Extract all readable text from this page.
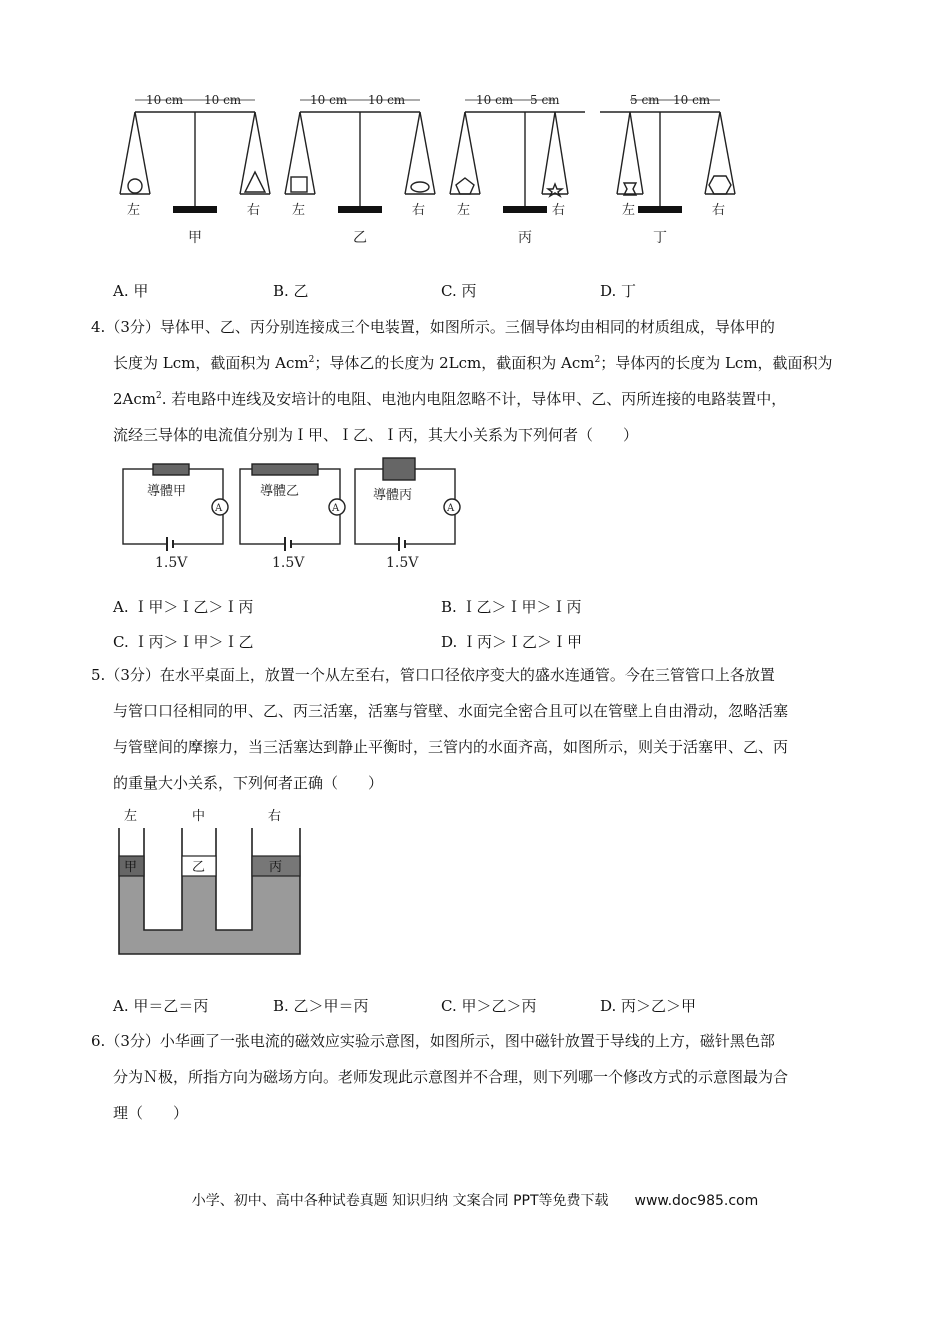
10 cm 10 cm	10 cm 10 cm	10 cm 5 cm	5 cm 10 cm
左	右 左	右 左	右	左	右
甲	乙	丙	丁
A. 甲	B. 乙	C. 丙	D. 丁
4.（3分）导体甲、乙、丙分别连接成三个电装置，如图所示。三個导体均由相同的材质组成，导体甲的
长度为 Lcm，截面积为 Acm$^2$；导体乙的长度为 2Lcm，截面积为 Acm$^2$；导体丙的长度为 Lcm，截面积为
2Acm$^2$. 若电路中连线及安培计的电阻、电池内电阻忽略不计，导体甲、乙、丙所连接的电路装置中，
流经三导体的电流值分别为Ｉ甲、Ｉ乙、Ｉ丙，其大小关系为下列何者（　　）
導體甲	導體乙	導體丙
A	A	A
1.5V	1.5V	1.5V
A. Ｉ甲＞Ｉ乙＞Ｉ丙	B. Ｉ乙＞Ｉ甲＞Ｉ丙
C. Ｉ丙＞Ｉ甲＞Ｉ乙	D. Ｉ丙＞Ｉ乙＞Ｉ甲
5.（3分）在水平桌面上，放置一个从左至右，管口口径依序变大的盛水连通管。今在三管管口上各放置
与管口口径相同的甲、乙、丙三活塞，活塞与管壁、水面完全密合且可以在管壁上自由滑动，忽略活塞
与管壁间的摩擦力，当三活塞达到静止平衡时，三管内的水面齐高，如图所示，则关于活塞甲、乙、丙
的重量大小关系，下列何者正确（　　）
左	中	右
甲	乙	丙
A. 甲＝乙＝丙	B. 乙＞甲＝丙	C. 甲＞乙＞丙	D. 丙＞乙＞甲
6.（3分）小华画了一张电流的磁效应实验示意图，如图所示，图中磁针放置于导线的上方，磁针黑色部
分为Ｎ极，所指方向为磁场方向。老师发现此示意图并不合理，则下列哪一个修改方式的示意图最为合
理（　　）
小学、初中、高中各种试卷真题 知识归纳 文案合同 PPT等免费下载 www.doc985.com
